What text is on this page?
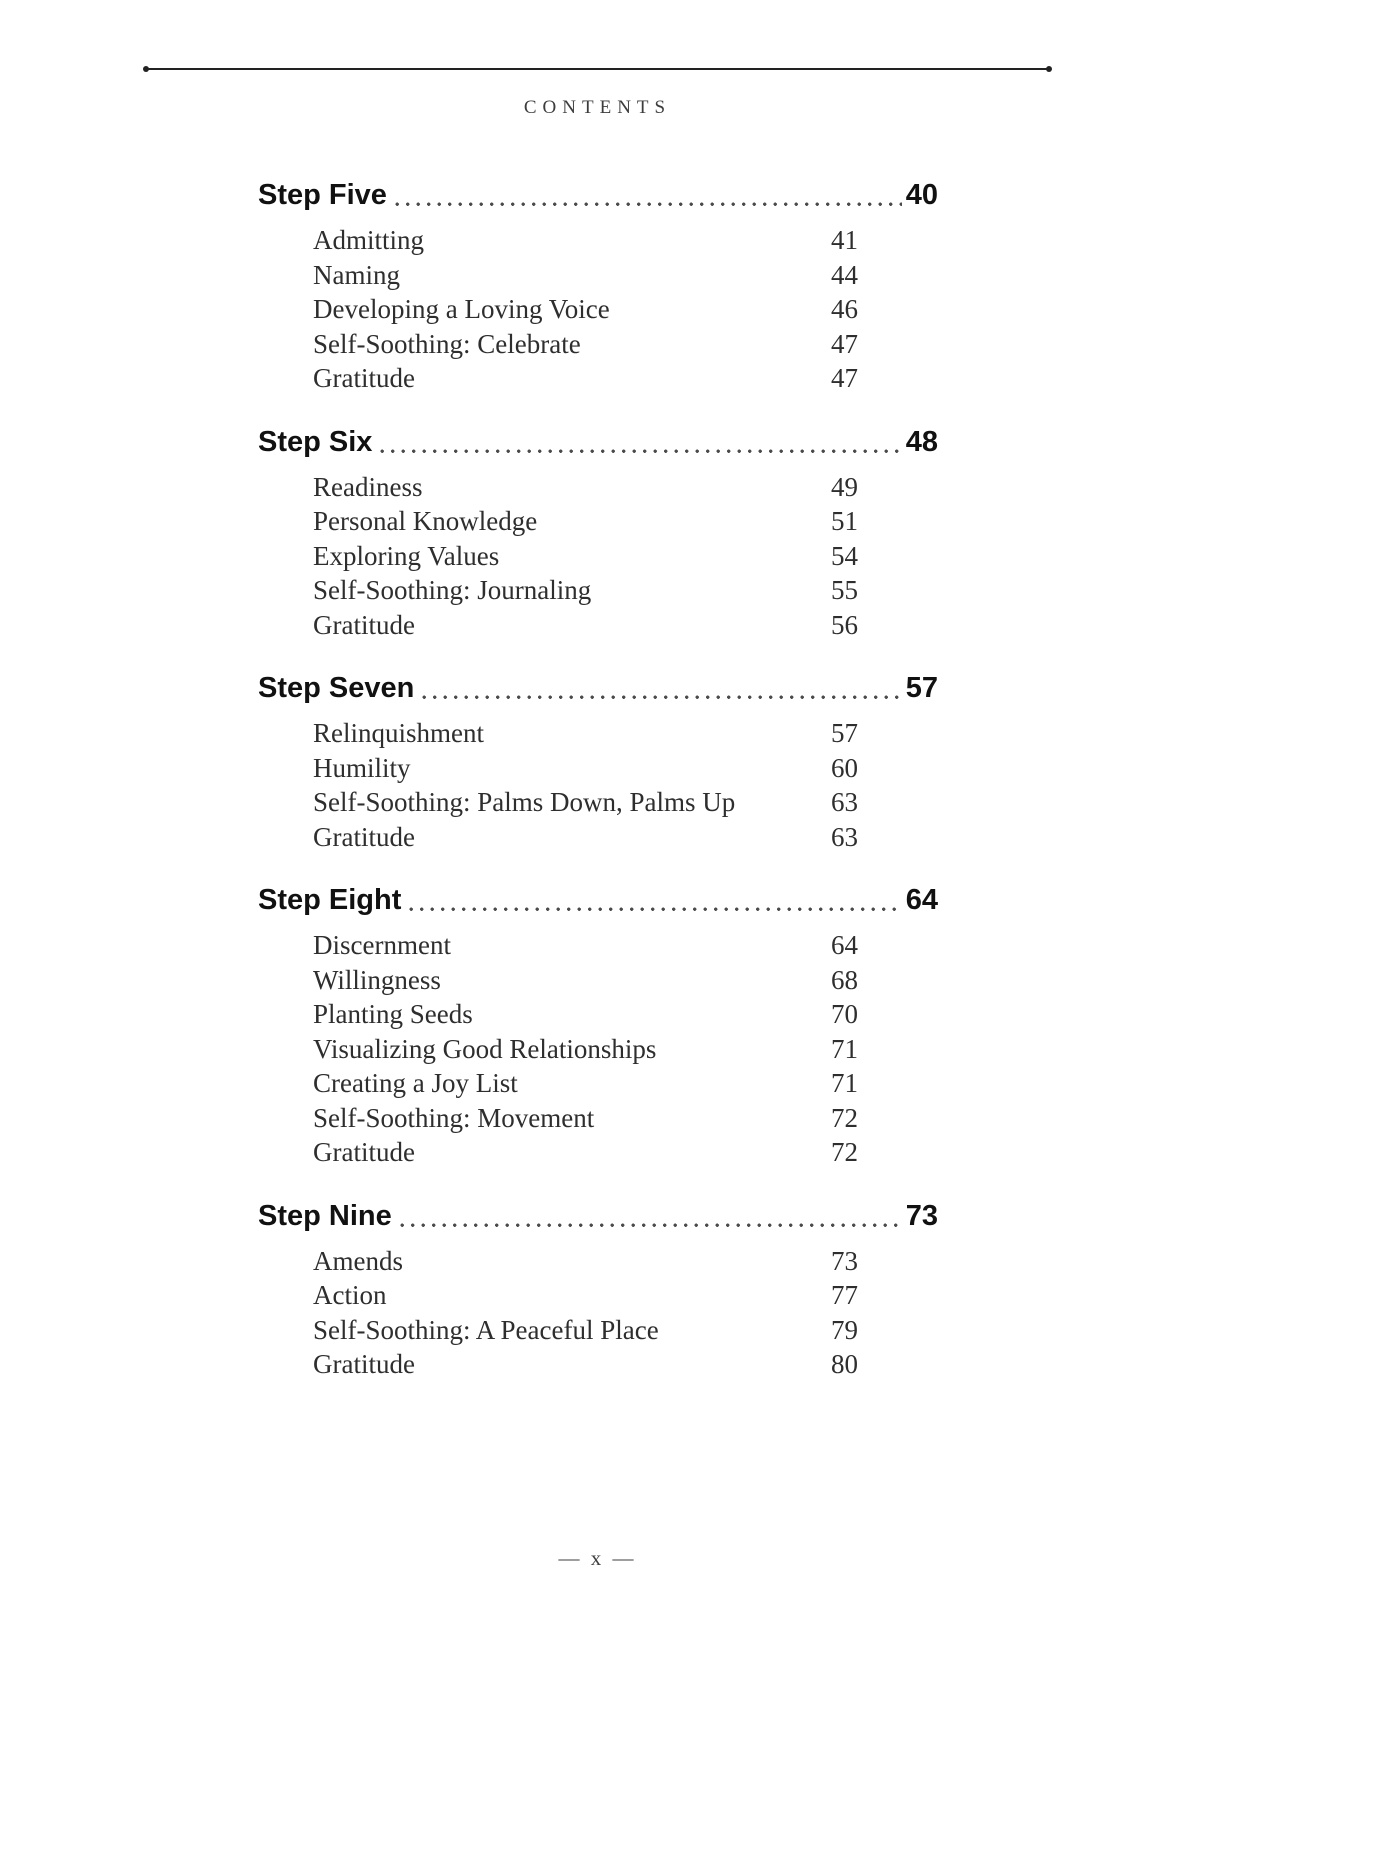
CONTENTS
Step Five	40
Admitting	41
Naming	44
Developing a Loving Voice	46
Self-Soothing: Celebrate	47
Gratitude	47
Step Six	48
Readiness	49
Personal Knowledge	51
Exploring Values	54
Self-Soothing: Journaling	55
Gratitude	56
Step Seven	57
Relinquishment	57
Humility	60
Self-Soothing: Palms Down, Palms Up	63
Gratitude	63
Step Eight	64
Discernment	64
Willingness	68
Planting Seeds	70
Visualizing Good Relationships	71
Creating a Joy List	71
Self-Soothing: Movement	72
Gratitude	72
Step Nine	73
Amends	73
Action	77
Self-Soothing: A Peaceful Place	79
Gratitude	80
— x —
